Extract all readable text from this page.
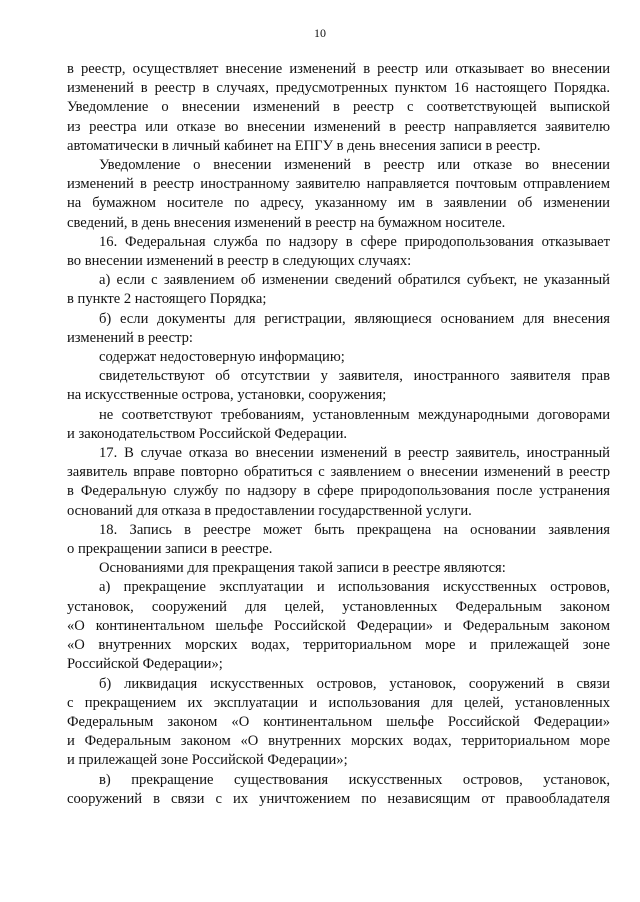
10
в реестр, осуществляет внесение изменений в реестр или отказывает во внесении
изменений в реестр в случаях, предусмотренных пунктом 16 настоящего Порядка.
Уведомление о внесении изменений в реестр с соответствующей выпиской
из реестра или отказе во внесении изменений в реестр направляется заявителю
автоматически в личный кабинет на ЕПГУ в день внесения записи в реестр.
Уведомление о внесении изменений в реестр или отказе во внесении
изменений в реестр иностранному заявителю направляется почтовым отправлением
на бумажном носителе по адресу, указанному им в заявлении об изменении
сведений, в день внесения изменений в реестр на бумажном носителе.
16. Федеральная служба по надзору в сфере природопользования отказывает
во внесении изменений в реестр в следующих случаях:
а) если с заявлением об изменении сведений обратился субъект, не указанный
в пункте 2 настоящего Порядка;
б) если документы для регистрации, являющиеся основанием для внесения
изменений в реестр:
содержат недостоверную информацию;
свидетельствуют об отсутствии у заявителя, иностранного заявителя прав
на искусственные острова, установки, сооружения;
не соответствуют требованиям, установленным международными договорами
и законодательством Российской Федерации.
17. В случае отказа во внесении изменений в реестр заявитель, иностранный
заявитель вправе повторно обратиться с заявлением о внесении изменений в реестр
в Федеральную службу по надзору в сфере природопользования после устранения
оснований для отказа в предоставлении государственной услуги.
18. Запись в реестре может быть прекращена на основании заявления
о прекращении записи в реестре.
Основаниями для прекращения такой записи в реестре являются:
а) прекращение эксплуатации и использования искусственных островов,
установок, сооружений для целей, установленных Федеральным законом
«О континентальном шельфе Российской Федерации» и Федеральным законом
«О внутренних морских водах, территориальном море и прилежащей зоне
Российской Федерации»;
б) ликвидация искусственных островов, установок, сооружений в связи
с прекращением их эксплуатации и использования для целей, установленных
Федеральным законом «О континентальном шельфе Российской Федерации»
и Федеральным законом «О внутренних морских водах, территориальном море
и прилежащей зоне Российской Федерации»;
в) прекращение существования искусственных островов, установок,
сооружений в связи с их уничтожением по независящим от правообладателя
